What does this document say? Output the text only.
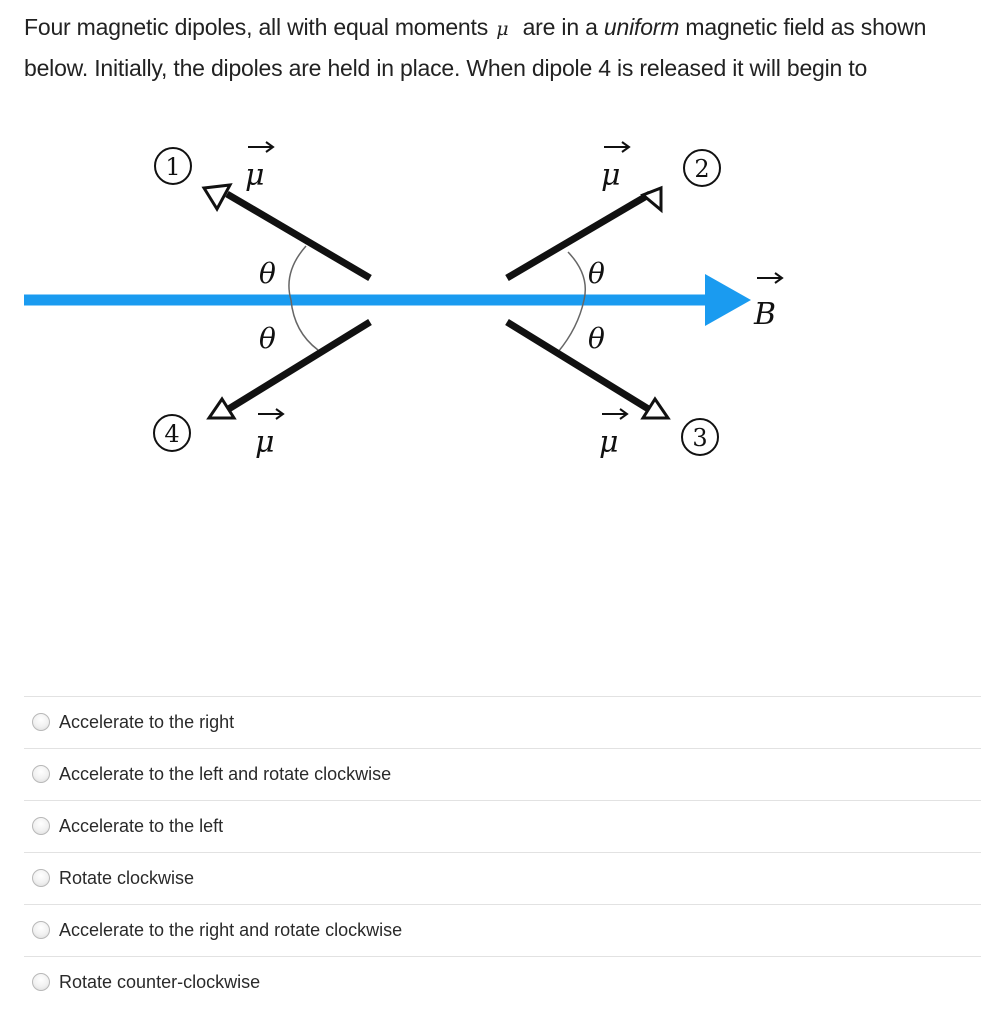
Four magnetic dipoles, all with equal moments μ are in a uniform magnetic field as shown below. Initially, the dipoles are held in place. When dipole 4 is released it will begin to
B
θ
θ
θ
θ
μ	μ
μ
μ
1	2
3
4
Accelerate to the right
Accelerate to the left and rotate clockwise
Accelerate to the left
Rotate clockwise
Accelerate to the right and rotate clockwise
Rotate counter-clockwise
